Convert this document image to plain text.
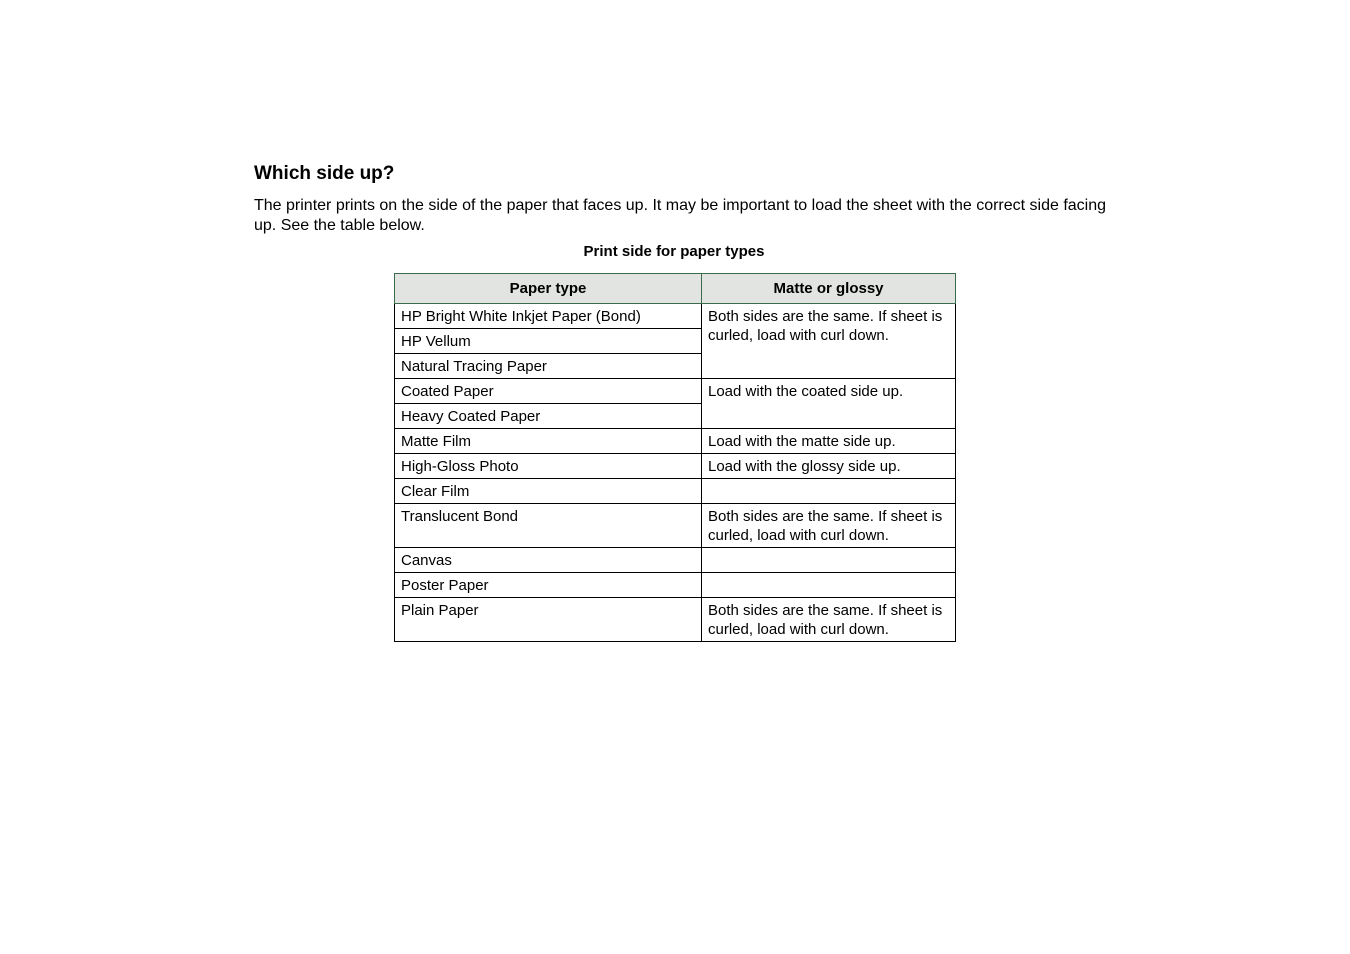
Which side up?

The printer prints on the side of the paper that faces up. It may be important to load the sheet with the correct side facing up. See the table below.

Print side for paper types
Paper type	Matte or glossy
HP Bright White Inkjet Paper (Bond)	Both sides are the same. If sheet is curled, load with curl down.
HP Vellum	
Natural Tracing Paper	
Coated Paper	Load with the coated side up.
Heavy Coated Paper	
Matte Film	Load with the matte side up.
High-Gloss Photo	Load with the glossy side up.
Clear Film	
Translucent Bond	Both sides are the same. If sheet is curled, load with curl down.
Canvas	
Poster Paper	
Plain Paper	Both sides are the same. If sheet is curled, load with curl down.
